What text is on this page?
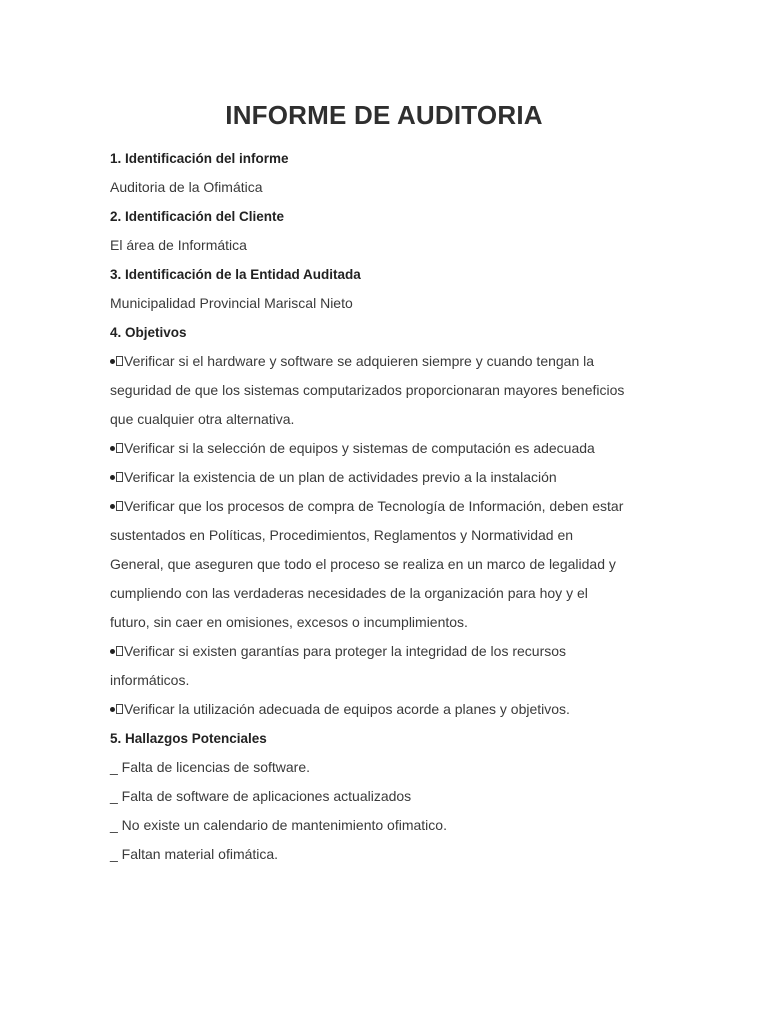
INFORME DE AUDITORIA
1. Identificación del informe
Auditoria de la Ofimática
2. Identificación del Cliente
El área de Informática
3. Identificación de la Entidad Auditada
Municipalidad Provincial Mariscal Nieto
4. Objetivos
Verificar si el hardware y software se adquieren siempre y cuando tengan la
seguridad de que los sistemas computarizados proporcionaran mayores beneficios
que cualquier otra alternativa.
Verificar si la selección de equipos y sistemas de computación es adecuada
Verificar la existencia de un plan de actividades previo a la instalación
Verificar que los procesos de compra de Tecnología de Información, deben estar
sustentados en Políticas, Procedimientos, Reglamentos y Normatividad en
General, que aseguren que todo el proceso se realiza en un marco de legalidad y
cumpliendo con las verdaderas necesidades de la organización para hoy y el
futuro, sin caer en omisiones, excesos o incumplimientos.
Verificar si existen garantías para proteger la integridad de los recursos
informáticos.
Verificar la utilización adecuada de equipos acorde a planes y objetivos.
5. Hallazgos Potenciales
_ Falta de licencias de software.
_ Falta de software de aplicaciones actualizados
_ No existe un calendario de mantenimiento ofimatico.
_ Faltan material ofimática.
